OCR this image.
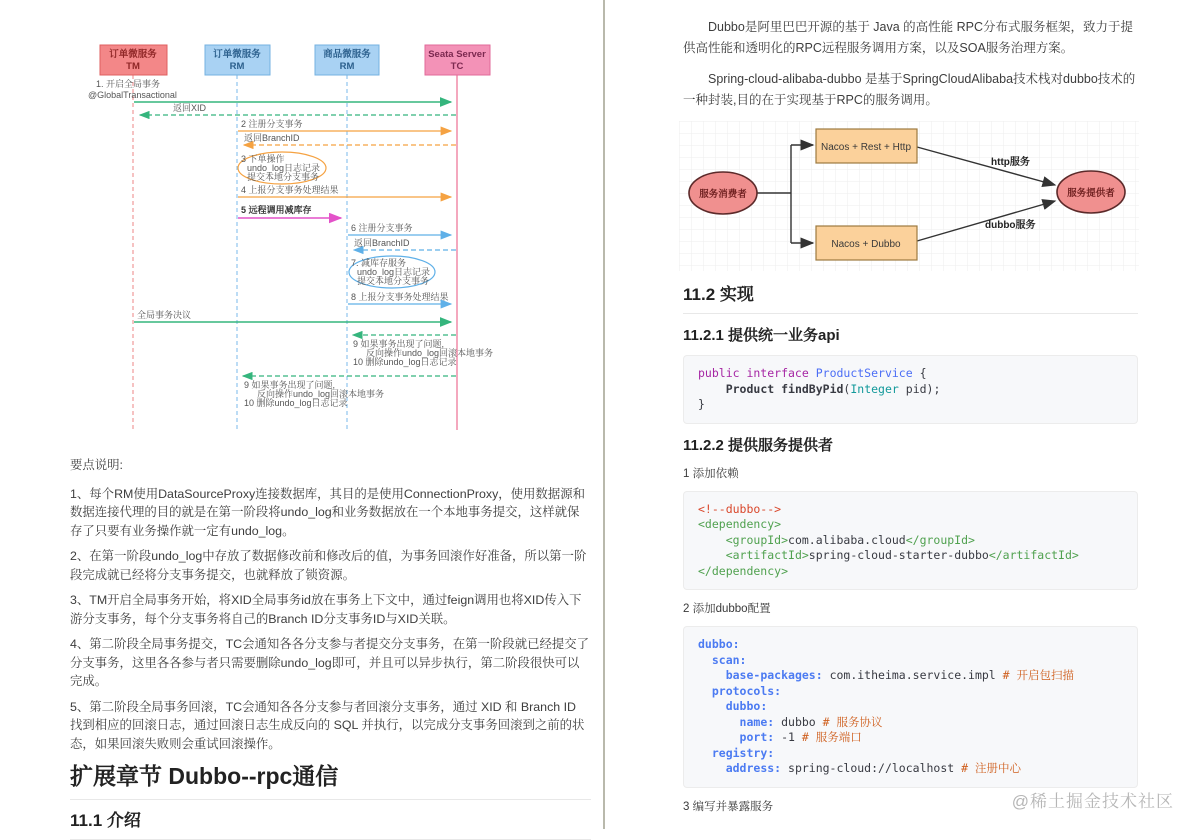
订单微服务
TM
订单微服务
RM
商品微服务
RM
Seata Server
TC
1. 开启全局事务
@GlobalTransactional
返回XID
2 注册分支事务
返回BranchID
3 下单操作
undo_log日志记录
提交本地分支事务
4 上报分支事务处理结果
5 远程调用减库存
6 注册分支事务
返回BranchID
7. 减库存服务
undo_log日志记录
提交本地分支事务
8 上报分支事务处理结果
全局事务决议
9 如果事务出现了问题,
反向操作undo_log回滚本地事务
10 删除undo_log日志记录
9 如果事务出现了问题,
反向操作undo_log回滚本地事务
10 删除undo_log日志记录

要点说明:

1、每个RM使用DataSourceProxy连接数据库，其目的是使用ConnectionProxy，使用数据源和数据连接代理的目的就是在第一阶段将undo_log和业务数据放在一个本地事务提交，这样就保存了只要有业务操作就一定有undo_log。

2、在第一阶段undo_log中存放了数据修改前和修改后的值，为事务回滚作好准备，所以第一阶段完成就已经将分支事务提交，也就释放了锁资源。

3、TM开启全局事务开始，将XID全局事务id放在事务上下文中，通过feign调用也将XID传入下游分支事务，每个分支事务将自己的Branch ID分支事务ID与XID关联。

4、第二阶段全局事务提交，TC会通知各各分支参与者提交分支事务，在第一阶段就已经提交了分支事务，这里各各参与者只需要删除undo_log即可，并且可以异步执行，第二阶段很快可以完成。

5、第二阶段全局事务回滚，TC会通知各各分支参与者回滚分支事务，通过 XID 和 Branch ID 找到相应的回滚日志，通过回滚日志生成反向的 SQL 并执行，以完成分支事务回滚到之前的状态，如果回滚失败则会重试回滚操作。

扩展章节 Dubbo--rpc通信
11.1 介绍

Dubbo是阿里巴巴开源的基于 Java 的高性能 RPC分布式服务框架，致力于提供高性能和透明化的RPC远程服务调用方案，以及SOA服务治理方案。

Spring-cloud-alibaba-dubbo 是基于SpringCloudAlibaba技术栈对dubbo技术的一种封装,目的在于实现基于RPC的服务调用。

服务消费者
Nacos + Rest + Http
Nacos + Dubbo
服务提供者
http服务
dubbo服务
11.2 实现
11.2.1 提供统一业务api
public interface ProductService {
Product findByPid(Integer pid);
}
11.2.2 提供服务提供者
1 添加依赖
<!--dubbo-->
<dependency>
<groupId>com.alibaba.cloud</groupId>
<artifactId>spring-cloud-starter-dubbo</artifactId>
</dependency>
2 添加dubbo配置
dubbo:
scan:
base-packages: com.itheima.service.impl # 开启包扫描
protocols:
dubbo:
name: dubbo # 服务协议
port: -1 # 服务端口
registry:
address: spring-cloud://localhost # 注册中心
3 编写并暴露服务	@稀土掘金技术社区
